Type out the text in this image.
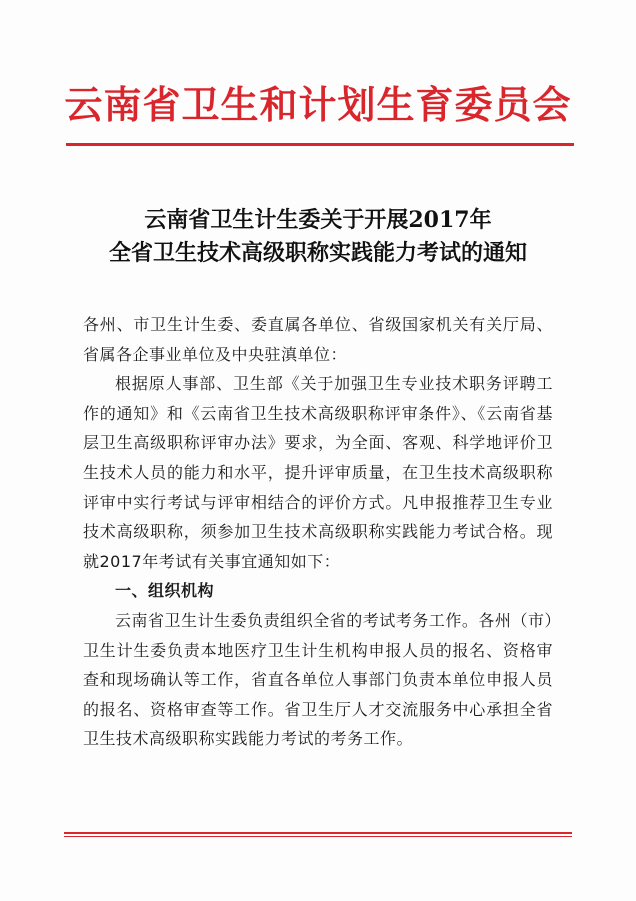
云南省卫生和计划生育委员会
云南省卫生计生委关于开展2017年
全省卫生技术高级职称实践能力考试的通知

各州、市卫生计生委、委直属各单位、省级国家机关有关厅局、省属各企事业单位及中央驻滇单位：

根据原人事部、卫生部《关于加强卫生专业技术职务评聘工作的通知》和《云南省卫生技术高级职称评审条件》、《云南省基层卫生高级职称评审办法》要求，为全面、客观、科学地评价卫生技术人员的能力和水平，提升评审质量，在卫生技术高级职称评审中实行考试与评审相结合的评价方式。凡申报推荐卫生专业技术高级职称，须参加卫生技术高级职称实践能力考试合格。现就2017年考试有关事宜通知如下：

一、组织机构

云南省卫生计生委负责组织全省的考试考务工作。各州（市）卫生计生委负责本地医疗卫生计生机构申报人员的报名、资格审查和现场确认等工作，省直各单位人事部门负责本单位申报人员的报名、资格审查等工作。省卫生厅人才交流服务中心承担全省卫生技术高级职称实践能力考试的考务工作。
